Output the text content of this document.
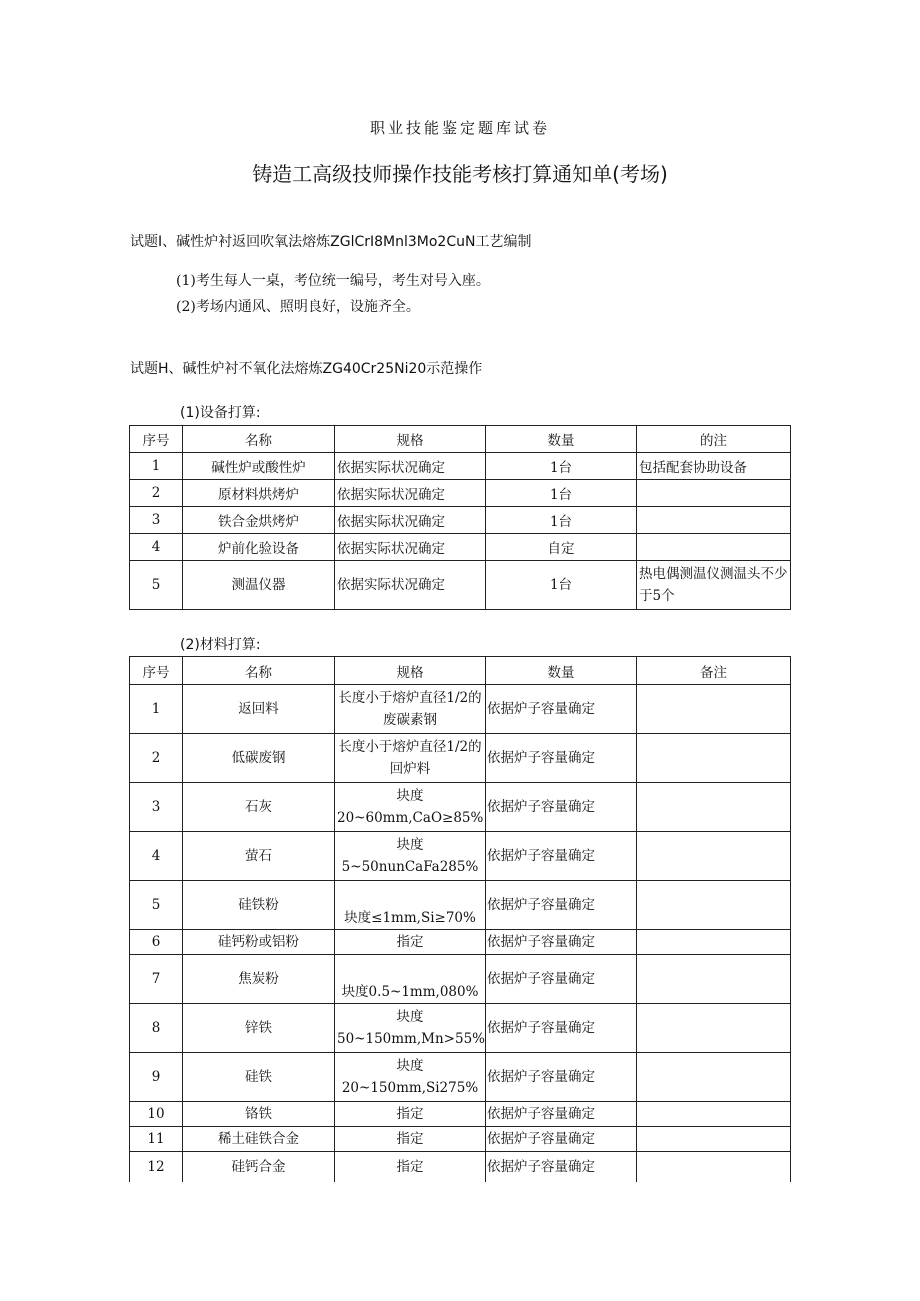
职业技能鉴定题库试卷
铸造工高级技师操作技能考核打算通知单(考场)
试题I、碱性炉衬返回吹氧法熔炼ZGlCrI8Mnl3Mo2CuN工艺编制
(1)考生每人一桌，考位统一编号，考生对号入座。
(2)考场内通风、照明良好，设施齐全。
试题H、碱性炉衬不氧化法熔炼ZG40Cr25Ni20示范操作
(1)设备打算:
序号	名称	规格	数量	的注
1	碱性炉或酸性炉	依据实际状况确定	1台	包括配套协助设备
2	原材料烘烤炉	依据实际状况确定	1台	
3	铁合金烘烤炉	依据实际状况确定	1台	
4	炉前化验设备	依据实际状况确定	自定	
5	测温仪器	依据实际状况确定	1台	热电偶测温仪测温头不少于5个
(2)材料打算:
序号	名称	规格	数量	备注
1	返回料	长度小于熔炉直径1/2的废碳素钢	依据炉子容量确定	
2	低碳废钢	长度小于熔炉直径1/2的回炉料	依据炉子容量确定	
3	石灰	块度
20~60mm,CaO≥85%	依据炉子容量确定	
4	萤石	块度
5~50nunCaFa285%	依据炉子容量确定	
5	硅铁粉	块度≤1mm,Si≥70%	依据炉子容量确定	
6	硅钙粉或铝粉	指定	依据炉子容量确定	
7	焦炭粉	块度0.5~1mm,080%	依据炉子容量确定	
8	锌铁	块度
50~150mm,Mn>55%	依据炉子容量确定	
9	硅铁	块度
20~150mm,Si275%	依据炉子容量确定	
10	铬铁	指定	依据炉子容量确定	
11	稀土硅铁合金	指定	依据炉子容量确定	
12	硅钙合金	指定	依据炉子容量确定	
